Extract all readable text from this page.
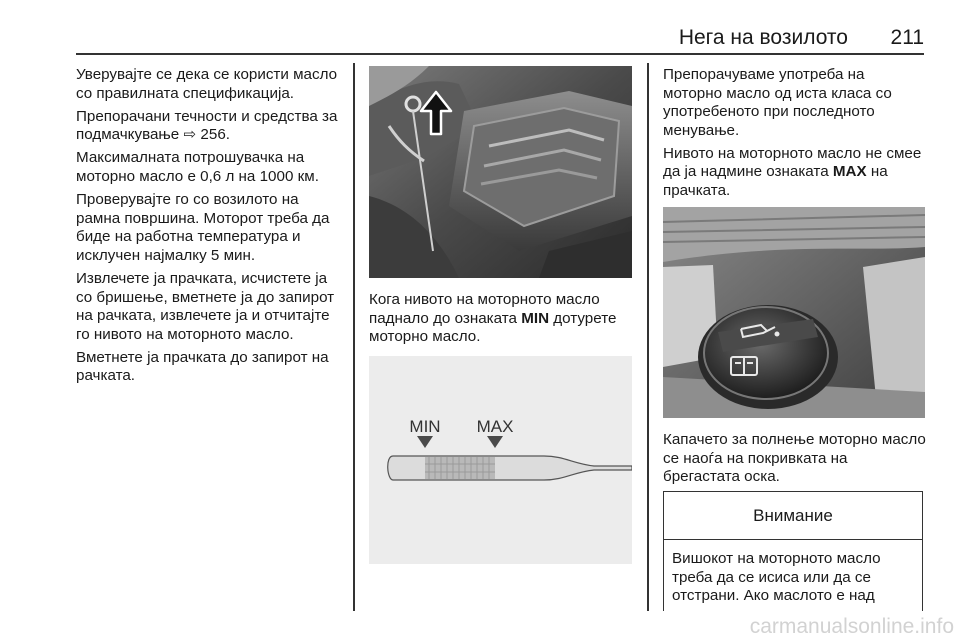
Нега на возилото 211

Уверувајте се дека се користи масло со правилната спецификација.

Препорачани течности и средства за подмачкување ⇨ 256.

Максималната потрошувачка на моторно масло е 0,6 л на 1000 км.

Проверувајте го со возилото на рамна површина. Моторот треба да биде на работна температура и исклучен најмалку 5 мин.

Извлечете ја прачката, исчистете ја со бришење, вметнете ја до запирот на рачката, извлечете ја и отчитајте го нивото на моторното масло.

Вметнете ја прачката до запирот на рачката.

Кога нивото на моторното масло паднало до ознаката MIN дотурете моторно масло.

MIN MAX

Препорачуваме употреба на моторно масло од иста класа со употребеното при последното менување.

Нивото на моторното масло не смее да ја надмине ознаката MAX на прачката.

Капачето за полнење моторно масло се наоѓа на покривката на брегастата оска.

Внимание
Вишокот на моторното масло треба да се исиса или да се отстрани. Ако маслото е над
carmanualsonline.info
